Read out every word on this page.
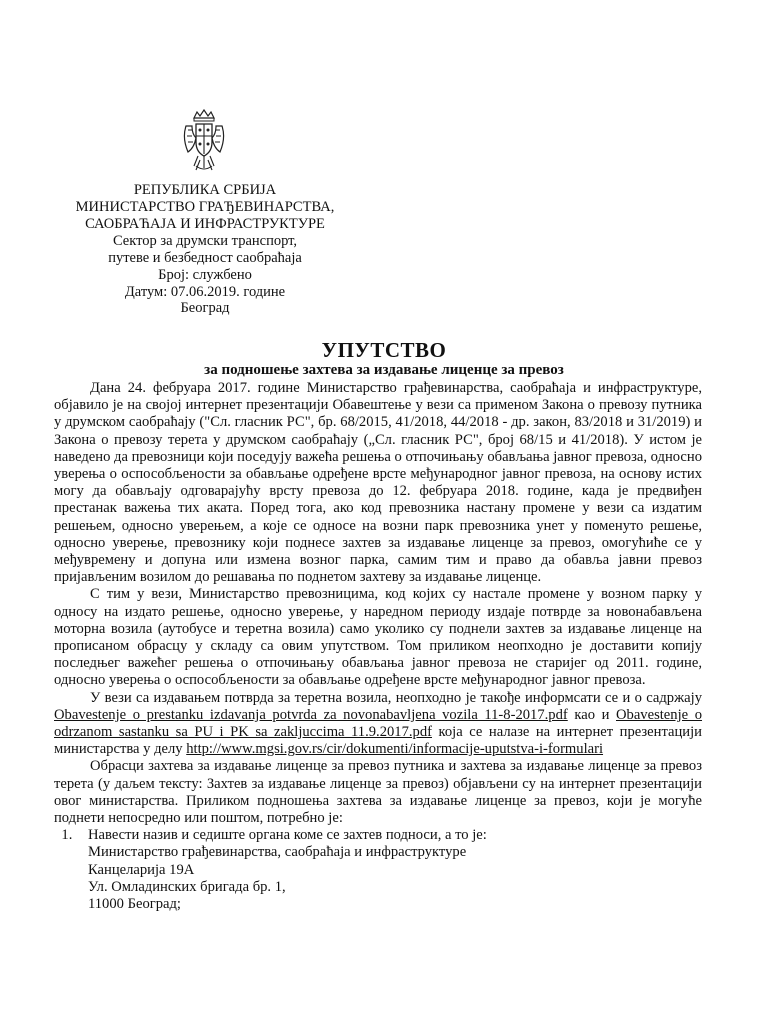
РЕПУБЛИКА СРБИЈА
МИНИСТАРСТВО ГРАЂЕВИНАРСТВА,
САОБРАЋАЈА И ИНФРАСТРУКТУРЕ
Сектор за друмски транспорт,
путеве и безбедност саобраћаја
Број: службено
Датум: 07.06.2019. године
Београд
УПУТСТВО
за подношење захтева за издавање лиценце за превоз

Дана 24. фебруара 2017. године Министарство грађевинарства, саобраћаја и инфраструктуре, објавило је на својој интернет презентацији Обавештење у вези са применом Закона о превозу путника у друмском саобраћају ("Сл. гласник РС", бр. 68/2015, 41/2018, 44/2018 - др. закон, 83/2018 и 31/2019) и Закона о превозу терета у друмском саобраћају („Сл. гласник РС", број 68/15 и 41/2018). У истом је наведено да превозници који поседују важећа решења о отпочињању обављања јавног превоза, односно уверења о оспособљености за обављање одређене врсте међународног јавног превоза, на основу истих могу да обављају одговарајућу врсту превоза до 12. фебруара 2018. године, када је предвиђен престанак важења тих аката. Поред тога, ако код превозника настану промене у вези са издатим решењем, односно уверењем, а које се односе на возни парк превозника унет у поменуто решење, односно уверење, превознику који поднесе захтев за издавање лиценце за превоз, омогућиће се у међувремену и допуна или измена возног парка, самим тим и право да обавља јавни превоз пријављеним возилом до решавања по поднетом захтеву за издавање лиценце.

С тим у вези, Министарство превозницима, код којих су настале промене у возном парку у односу на издато решење, односно уверење, у наредном периоду издаје потврде за новонабављена моторна возила (аутобусе и теретна возила) само уколико су поднели захтев за издавање лиценце на прописаном обрасцу у складу са овим упутством. Том приликом неопходно је доставити копију последњег важећег решења о отпочињању обављања јавног превоза не старијег од 2011. године, односно уверења о оспособљености за обављање одређене врсте међународног јавног превоза.

У вези са издавањем потврда за теретна возила, неопходно је такође информсати се и о садржају Obavestenje o prestanku izdavanja potvrda za novonabavljena vozila 11-8-2017.pdf као и Obavestenje o odrzanom sastanku sa PU i PK sa zakljuccima 11.9.2017.pdf која се налазе на интернет презентацији министарства у делу http://www.mgsi.gov.rs/cir/dokumenti/informacije-uputstva-i-formulari

Обрасци захтева за издавање лиценце за превоз путника и захтева за издавање лиценце за превоз терета (у даљем тексту: Захтев за издавање лиценце за превоз) објављени су на интернет презентацији овог министарства. Приликом подношења захтева за издавање лиценце за превоз, који је могуће поднети непосредно или поштом, потребно је:

1. Навести назив и седиште органа коме се захтев подноси, а то је:
Министарство грађевинарства, саобраћаја и инфраструктуре
Канцеларија 19А
Ул. Омладинских бригада бр. 1,
11000 Београд;
